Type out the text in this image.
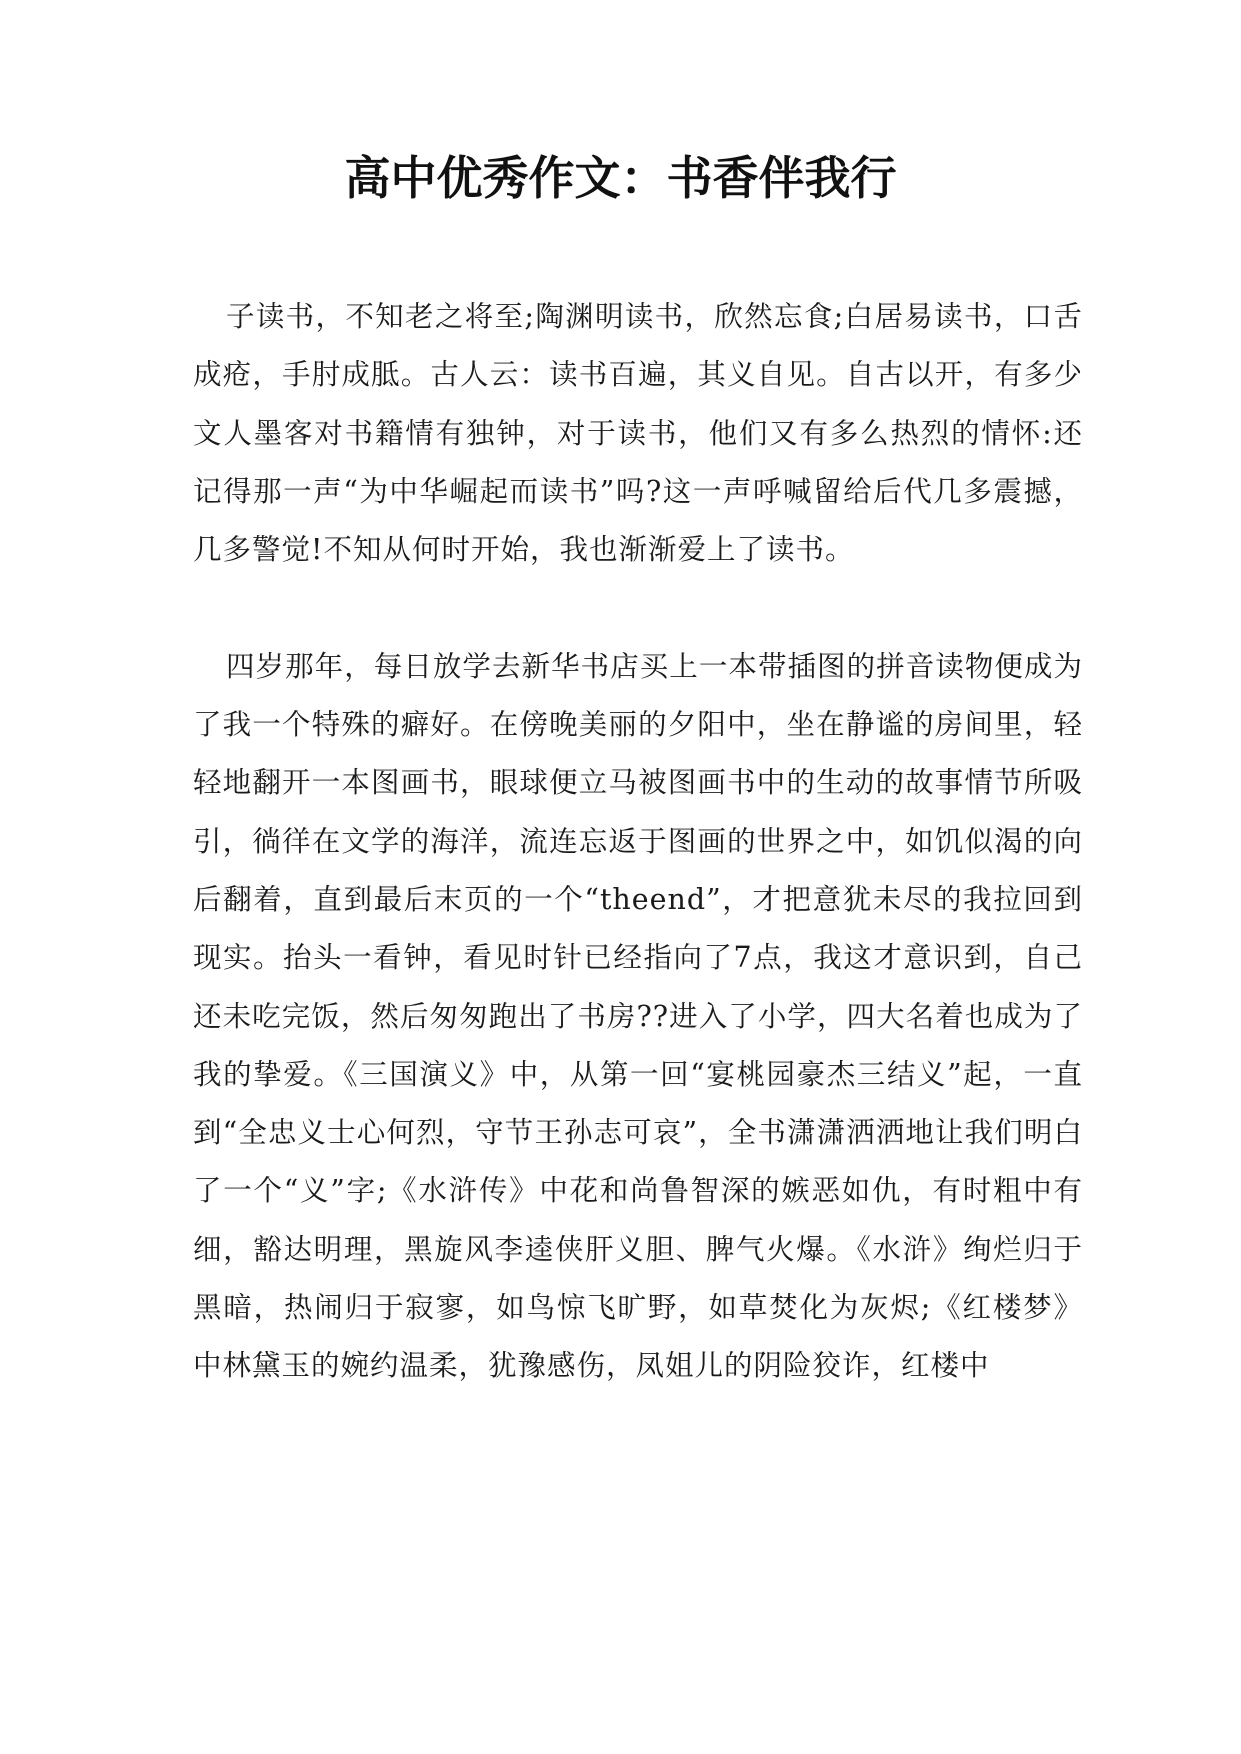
高中优秀作文：书香伴我行

子读书，不知老之将至;陶渊明读书，欣然忘食;白居易读书，口舌成疮，手肘成胝。古人云：读书百遍，其义自见。自古以开，有多少文人墨客对书籍情有独钟，对于读书，他们又有多么热烈的情怀:还记得那一声“为中华崛起而读书”吗?这一声呼喊留给后代几多震撼，几多警觉!不知从何时开始，我也渐渐爱上了读书。

四岁那年，每日放学去新华书店买上一本带插图的拼音读物便成为了我一个特殊的癖好。在傍晚美丽的夕阳中，坐在静谧的房间里，轻轻地翻开一本图画书，眼球便立马被图画书中的生动的故事情节所吸引，徜徉在文学的海洋，流连忘返于图画的世界之中，如饥似渴的向后翻着，直到最后末页的一个“theend”，才把意犹未尽的我拉回到现实。抬头一看钟，看见时针已经指向了7点，我这才意识到，自己还未吃完饭，然后匆匆跑出了书房??进入了小学，四大名着也成为了我的挚爱。《三国演义》中，从第一回“宴桃园豪杰三结义”起，一直到“全忠义士心何烈，守节王孙志可哀”，全书潇潇洒洒地让我们明白了一个“义”字;《水浒传》中花和尚鲁智深的嫉恶如仇，有时粗中有细，豁达明理，黑旋风李逵侠肝义胆、脾气火爆。《水浒》绚烂归于黑暗，热闹归于寂寥，如鸟惊飞旷野，如草焚化为灰烬;《红楼梦》中林黛玉的婉约温柔，犹豫感伤，凤姐儿的阴险狡诈，红楼中
